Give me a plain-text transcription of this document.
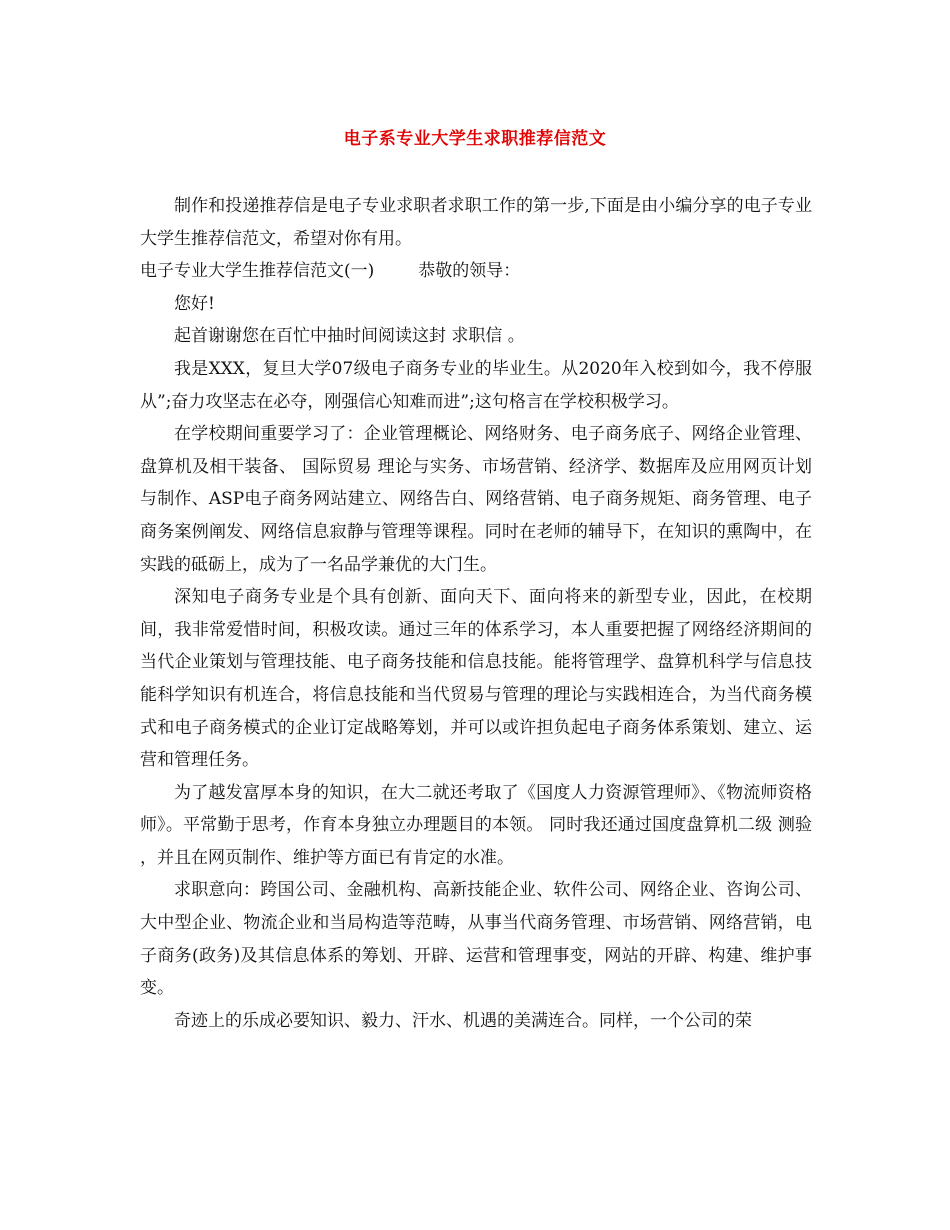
电子系专业大学生求职推荐信范文

制作和投递推荐信是电子专业求职者求职工作的第一步,下面是由小编分享的电子专业大学生推荐信范文，希望对你有用。

电子专业大学生推荐信范文(一)	恭敬的领导：

您好!

起首谢谢您在百忙中抽时间阅读这封 求职信 。

我是XXX，复旦大学07级电子商务专业的毕业生。从2020年入校到如今，我不停服从”;奋力攻坚志在必夺，刚强信心知难而进”;这句格言在学校积极学习。

在学校期间重要学习了：企业管理概论、网络财务、电子商务底子、网络企业管理、盘算机及相干装备、 国际贸易 理论与实务、市场营销、经济学、数据库及应用网页计划与制作、ASP电子商务网站建立、网络告白、网络营销、电子商务规矩、商务管理、电子商务案例阐发、网络信息寂静与管理等课程。同时在老师的辅导下，在知识的熏陶中，在实践的砥砺上，成为了一名品学兼优的大门生。

深知电子商务专业是个具有创新、面向天下、面向将来的新型专业，因此，在校期间，我非常爱惜时间，积极攻读。通过三年的体系学习，本人重要把握了网络经济期间的当代企业策划与管理技能、电子商务技能和信息技能。能将管理学、盘算机科学与信息技能科学知识有机连合，将信息技能和当代贸易与管理的理论与实践相连合，为当代商务模式和电子商务模式的企业订定战略筹划，并可以或许担负起电子商务体系策划、建立、运营和管理任务。

为了越发富厚本身的知识，在大二就还考取了《国度人力资源管理师》、《物流师资格师》。平常勤于思考，作育本身独立办理题目的本领。 同时我还通过国度盘算机二级 测验 ，并且在网页制作、维护等方面已有肯定的水准。

求职意向：跨国公司、金融机构、高新技能企业、软件公司、网络企业、咨询公司、大中型企业、物流企业和当局构造等范畴，从事当代商务管理、市场营销、网络营销，电子商务(政务)及其信息体系的筹划、开辟、运营和管理事变，网站的开辟、构建、维护事变。

奇迹上的乐成必要知识、毅力、汗水、机遇的美满连合。同样，一个公司的荣
